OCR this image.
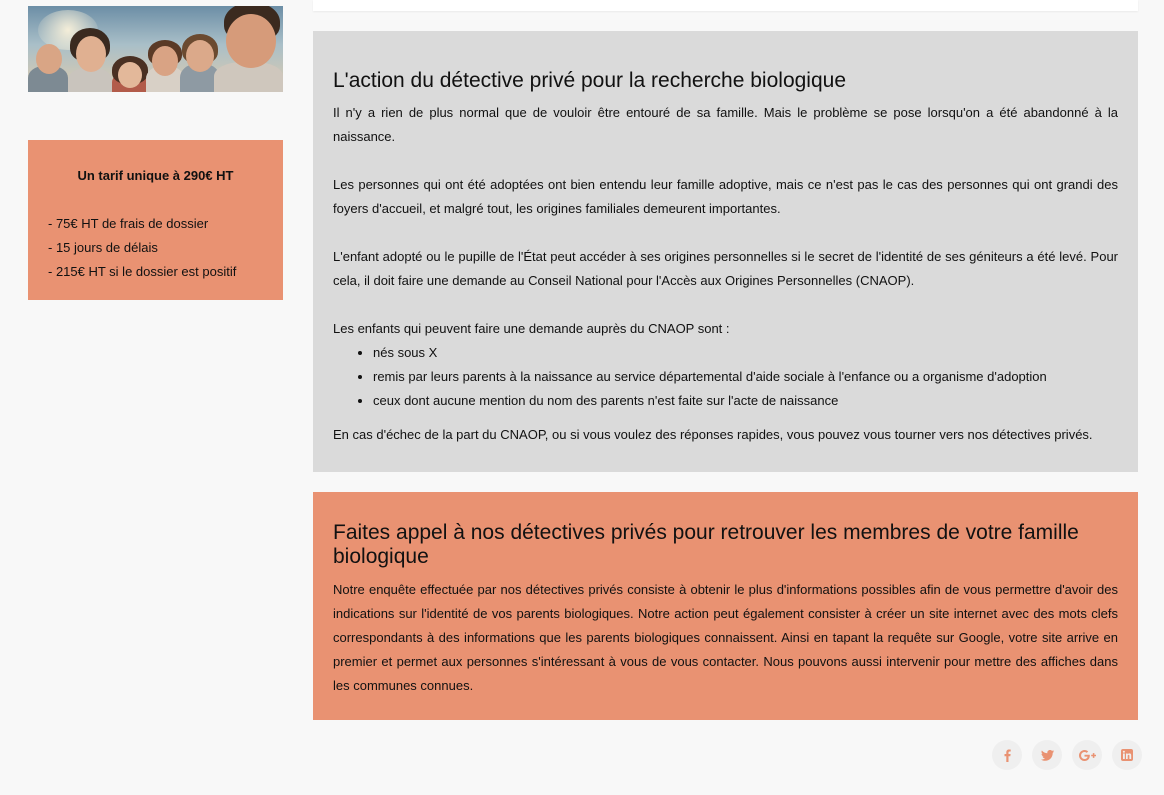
Un tarif unique à 290€ HT

- 75€ HT de frais de dossier

- 15 jours de délais

- 215€ HT si le dossier est positif

L'action du détective privé pour la recherche biologique

Il n'y a rien de plus normal que de vouloir être entouré de sa famille. Mais le problème se pose lorsqu'on a été abandonné à la naissance.

Les personnes qui ont été adoptées ont bien entendu leur famille adoptive, mais ce n'est pas le cas des personnes qui ont grandi des foyers d'accueil, et malgré tout, les origines familiales demeurent importantes.

L'enfant adopté ou le pupille de l'État peut accéder à ses origines personnelles si le secret de l'identité de ses géniteurs a été levé. Pour cela, il doit faire une demande au Conseil National pour l'Accès aux Origines Personnelles (CNAOP).

Les enfants qui peuvent faire une demande auprès du CNAOP sont :

• nés sous X
• remis par leurs parents à la naissance au service départemental d'aide sociale à l'enfance ou a organisme d'adoption
• ceux dont aucune mention du nom des parents n'est faite sur l'acte de naissance

En cas d'échec de la part du CNAOP, ou si vous voulez des réponses rapides, vous pouvez vous tourner vers nos détectives privés.

Faites appel à nos détectives privés pour retrouver les membres de votre famille biologique

Notre enquête effectuée par nos détectives privés consiste à obtenir le plus d'informations possibles afin de vous permettre d'avoir des indications sur l'identité de vos parents biologiques. Notre action peut également consister à créer un site internet avec des mots clefs correspondants à des informations que les parents biologiques connaissent. Ainsi en tapant la requête sur Google, votre site arrive en premier et permet aux personnes s'intéressant à vous de vous contacter. Nous pouvons aussi intervenir pour mettre des affiches dans les communes connues.
